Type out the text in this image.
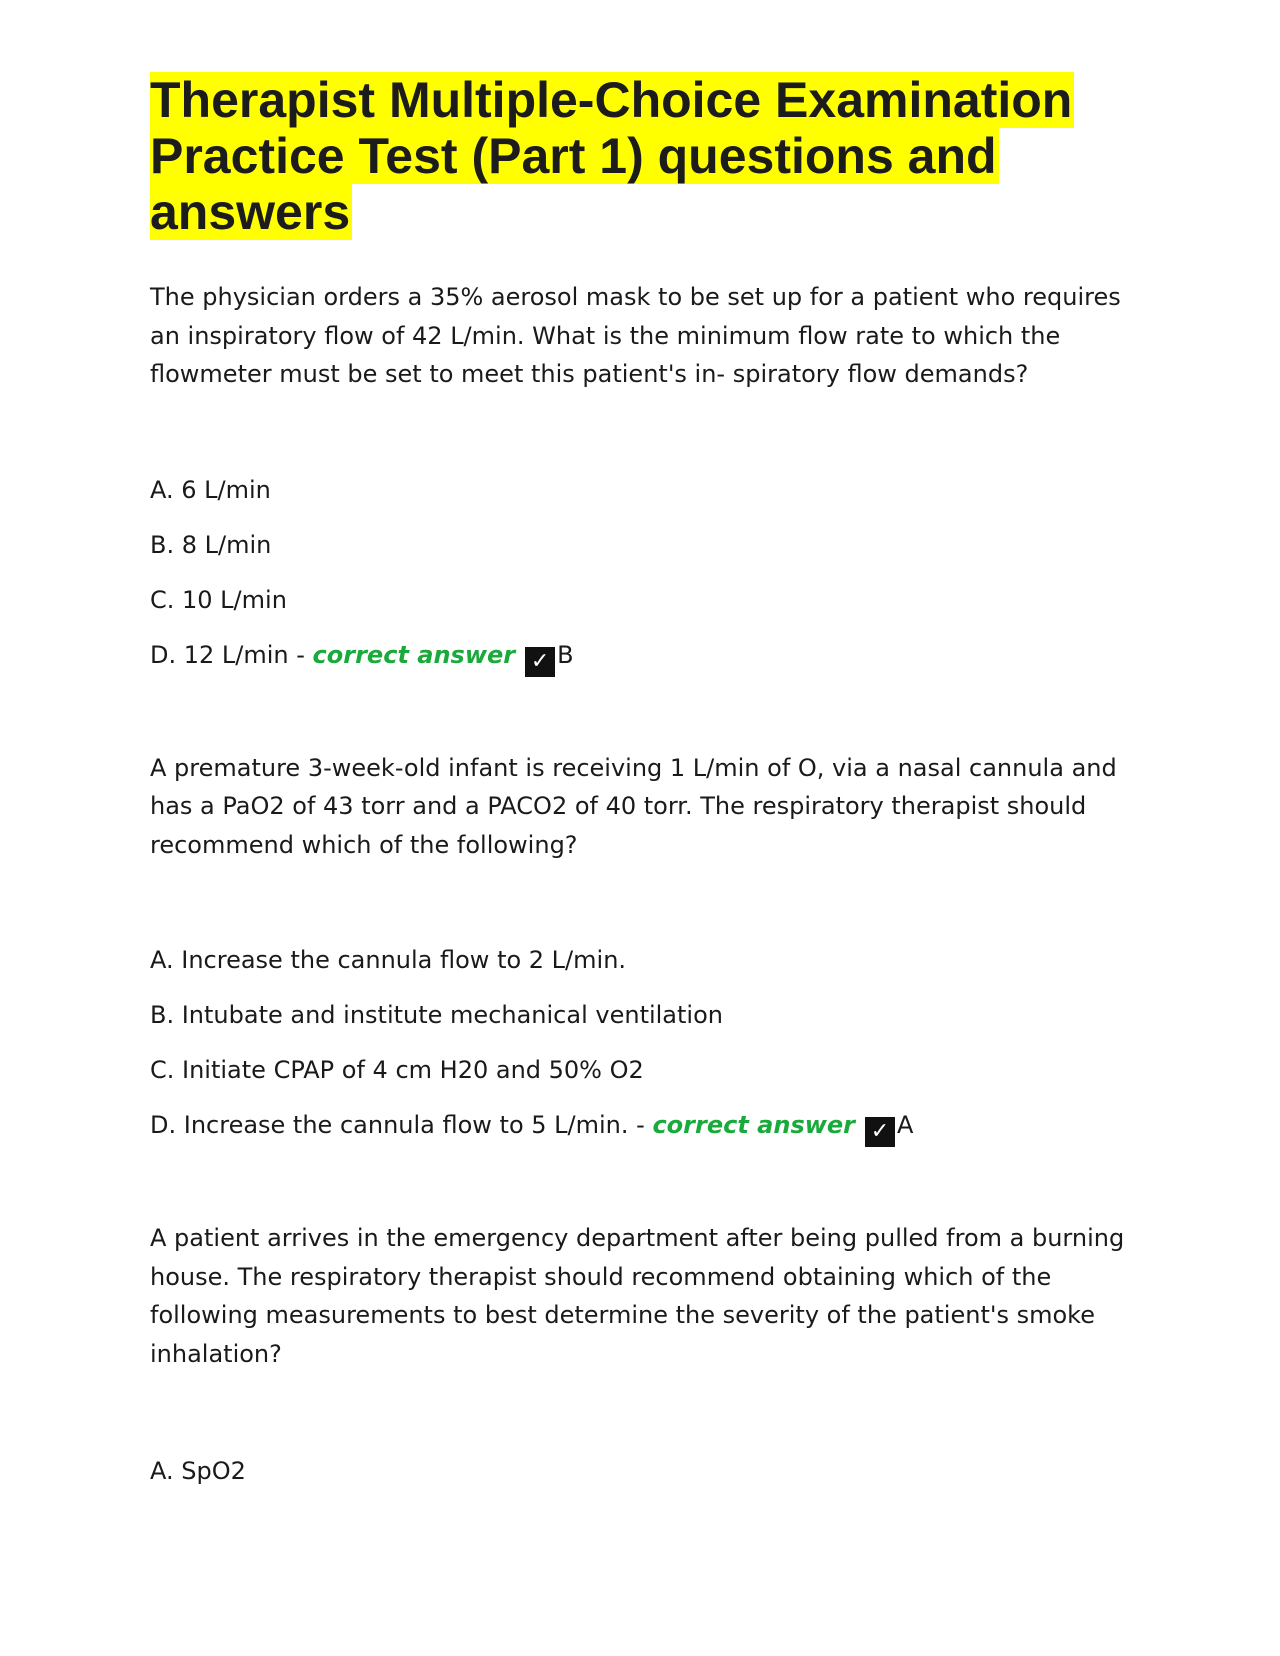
Therapist Multiple-Choice Examination Practice Test (Part 1) questions and answers

The physician orders a 35% aerosol mask to be set up for a patient who requires an inspiratory flow of 42 L/min. What is the minimum flow rate to which the flowmeter must be set to meet this patient's in- spiratory flow demands?

A. 6 L/min
B. 8 L/min
C. 10 L/min
D. 12 L/min - correct answer ✓ B

A premature 3-week-old infant is receiving 1 L/min of O, via a nasal cannula and has a PaO2 of 43 torr and a PACO2 of 40 torr. The respiratory therapist should recommend which of the following?

A. Increase the cannula flow to 2 L/min.
B. Intubate and institute mechanical ventilation
C. Initiate CPAP of 4 cm H20 and 50% O2
D. Increase the cannula flow to 5 L/min. - correct answer ✓ A

A patient arrives in the emergency department after being pulled from a burning house. The respiratory therapist should recommend obtaining which of the following measurements to best determine the severity of the patient's smoke inhalation?

A. SpO2
